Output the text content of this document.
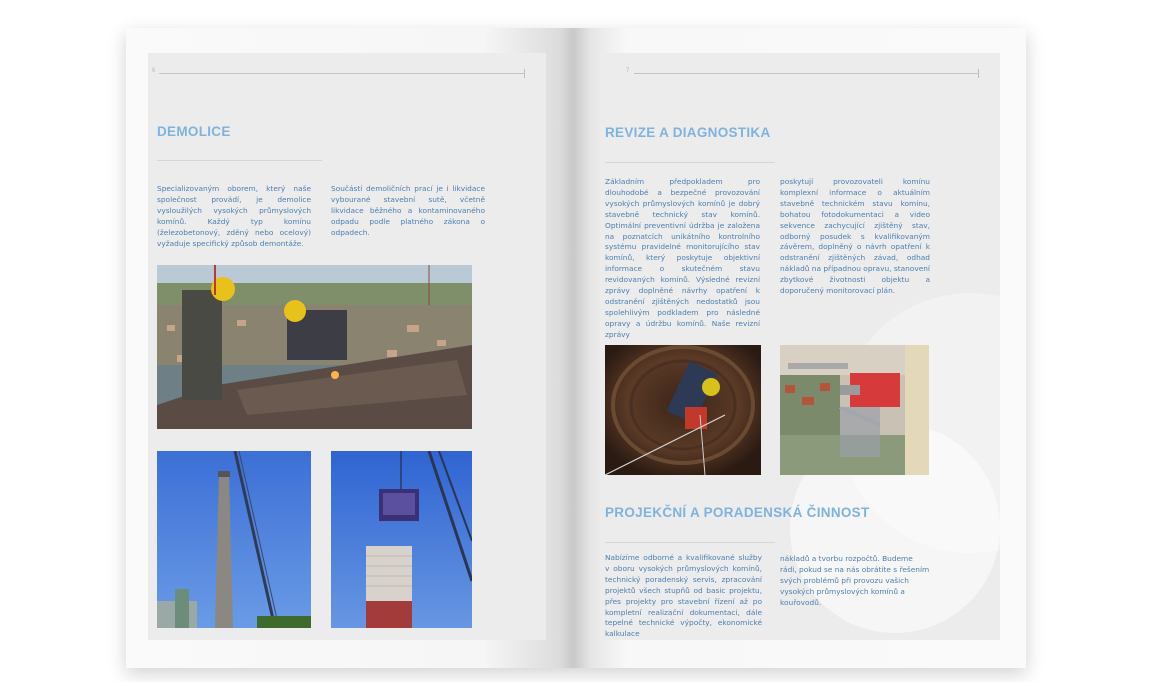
6
DEMOLICE

Specializovaným oborem, který naše společnost provádí, je demolice vysloužilých vysokých průmyslových komínů. Každý typ komínu (železobetonový, zděný nebo ocelový) vyžaduje specifický způsob demontáže.

Součástí demoličních prací je i likvidace vybourané stavební sutě, včetně likvidace běžného a kontaminovaného odpadu podle platného zákona o odpadech.

7
REVIZE A DIAGNOSTIKA

Základním předpokladem pro dlouhodobé a bezpečné provozování vysokých průmyslových komínů je dobrý stavebně technický stav komínů. Optimální preventivní údržba je založena na poznatcích unikátního kontrolního systému pravidelné monitorujícího stav komínů, který poskytuje objektivní informace o skutečném stavu revidovaných komínů. Výsledné revizní zprávy doplněné návrhy opatření k odstranění zjištěných nedostatků jsou spolehlivým podkladem pro následné opravy a údržbu komínů. Naše revizní zprávy

poskytují provozovateli komínu komplexní informace o aktuálním stavebně technickém stavu komínu, bohatou fotodokumentaci a video sekvence zachycující zjištěný stav, odborný posudek s kvalifikovaným závěrem, doplněný o návrh opatření k odstranění zjištěných závad, odhad nákladů na případnou opravu, stanovení zbytkové životnosti objektu a doporučený monitorovací plán.

PROJEKČNÍ A PORADENSKÁ ČINNOST

Nabízíme odborné a kvalifikované služby v oboru vysokých průmyslových komínů, technický poradenský servis, zpracování projektů všech stupňů od basic projektu, přes projekty pro stavební řízení až po kompletní realizační dokumentaci, dále tepelné technické výpočty, ekonomické kalkulace

nákladů a tvorbu rozpočtů. Budeme rádi, pokud se na nás obrátíte s řešením svých problémů při provozu vašich vysokých průmyslových komínů a kouřovodů.
